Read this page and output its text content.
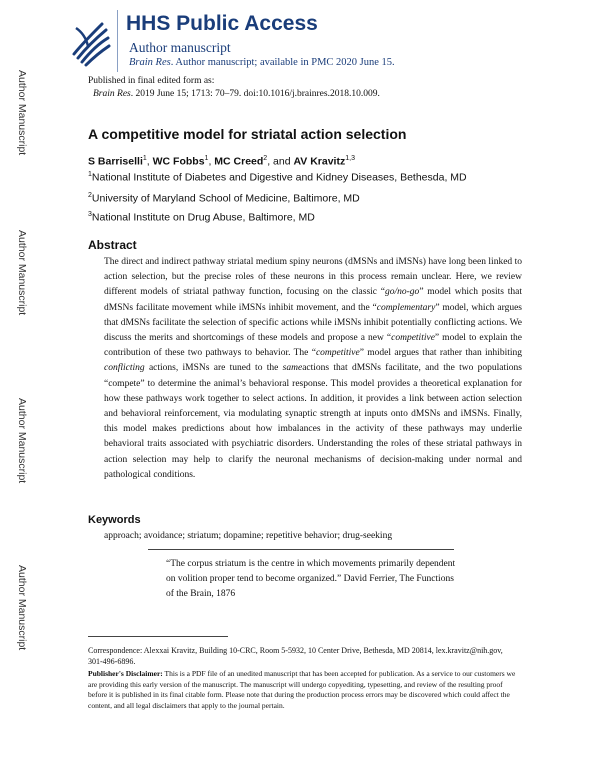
Author Manuscript
Author Manuscript
Author Manuscript
Author Manuscript
HHS Public Access
Author manuscript
Brain Res. Author manuscript; available in PMC 2020 June 15.
Published in final edited form as:
Brain Res. 2019 June 15; 1713: 70–79. doi:10.1016/j.brainres.2018.10.009.
A competitive model for striatal action selection
S Barriselli$^1$, WC Fobbs$^1$, MC Creed$^2$, and AV Kravitz$^{1,3}$
$^1$National Institute of Diabetes and Digestive and Kidney Diseases, Bethesda, MD
$^2$University of Maryland School of Medicine, Baltimore, MD
$^3$National Institute on Drug Abuse, Baltimore, MD
Abstract
The direct and indirect pathway striatal medium spiny neurons (dMSNs and iMSNs) have long been linked to action selection, but the precise roles of these neurons in this process remain unclear. Here, we review different models of striatal pathway function, focusing on the classic “go/no-go” model which posits that dMSNs facilitate movement while iMSNs inhibit movement, and the “complementary” model, which argues that dMSNs facilitate the selection of specific actions while iMSNs inhibit potentially conflicting actions. We discuss the merits and shortcomings of these models and propose a new “competitive” model to explain the contribution of these two pathways to behavior. The “competitive” model argues that rather than inhibiting conflicting actions, iMSNs are tuned to the sameactions that dMSNs facilitate, and the two populations “compete” to determine the animal’s behavioral response. This model provides a theoretical explanation for how these pathways work together to select actions. In addition, it provides a link between action selection and behavioral reinforcement, via modulating synaptic strength at inputs onto dMSNs and iMSNs. Finally, this model makes predictions about how imbalances in the activity of these pathways may underlie behavioral traits associated with psychiatric disorders. Understanding the roles of these striatal pathways in action selection may help to clarify the neuronal mechanisms of decision-making under normal and pathological conditions.
Keywords
approach; avoidance; striatum; dopamine; repetitive behavior; drug-seeking
“The corpus striatum is the centre in which movements primarily dependent on volition proper tend to become organized.” David Ferrier, The Functions of the Brain, 1876
Correspondence: Alexxai Kravitz, Building 10-CRC, Room 5-5932, 10 Center Drive, Bethesda, MD 20814, lex.kravitz@nih.gov, 301-496-6896.
Publisher's Disclaimer: This is a PDF file of an unedited manuscript that has been accepted for publication. As a service to our customers we are providing this early version of the manuscript. The manuscript will undergo copyediting, typesetting, and review of the resulting proof before it is published in its final citable form. Please note that during the production process errors may be discovered which could affect the content, and all legal disclaimers that apply to the journal pertain.
